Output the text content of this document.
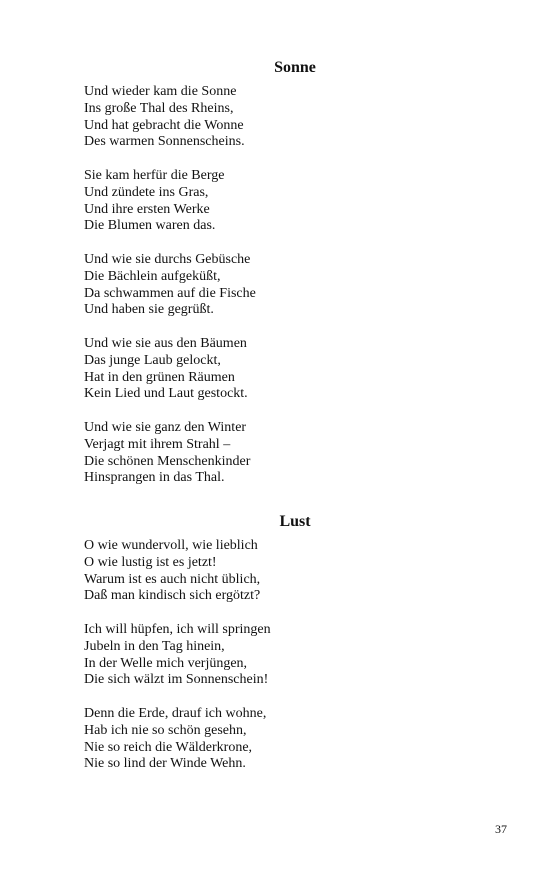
Sonne
Und wieder kam die Sonne
Ins große Thal des Rheins,
Und hat gebracht die Wonne
Des warmen Sonnenscheins.
Sie kam herfür die Berge
Und zündete ins Gras,
Und ihre ersten Werke
Die Blumen waren das.
Und wie sie durchs Gebüsche
Die Bächlein aufgeküßt,
Da schwammen auf die Fische
Und haben sie gegrüßt.
Und wie sie aus den Bäumen
Das junge Laub gelockt,
Hat in den grünen Räumen
Kein Lied und Laut gestockt.
Und wie sie ganz den Winter
Verjagt mit ihrem Strahl –
Die schönen Menschenkinder
Hinsprangen in das Thal.
Lust
O wie wundervoll, wie lieblich
O wie lustig ist es jetzt!
Warum ist es auch nicht üblich,
Daß man kindisch sich ergötzt?
Ich will hüpfen, ich will springen
Jubeln in den Tag hinein,
In der Welle mich verjüngen,
Die sich wälzt im Sonnenschein!
Denn die Erde, drauf ich wohne,
Hab ich nie so schön gesehn,
Nie so reich die Wälderkrone,
Nie so lind der Winde Wehn.
37
